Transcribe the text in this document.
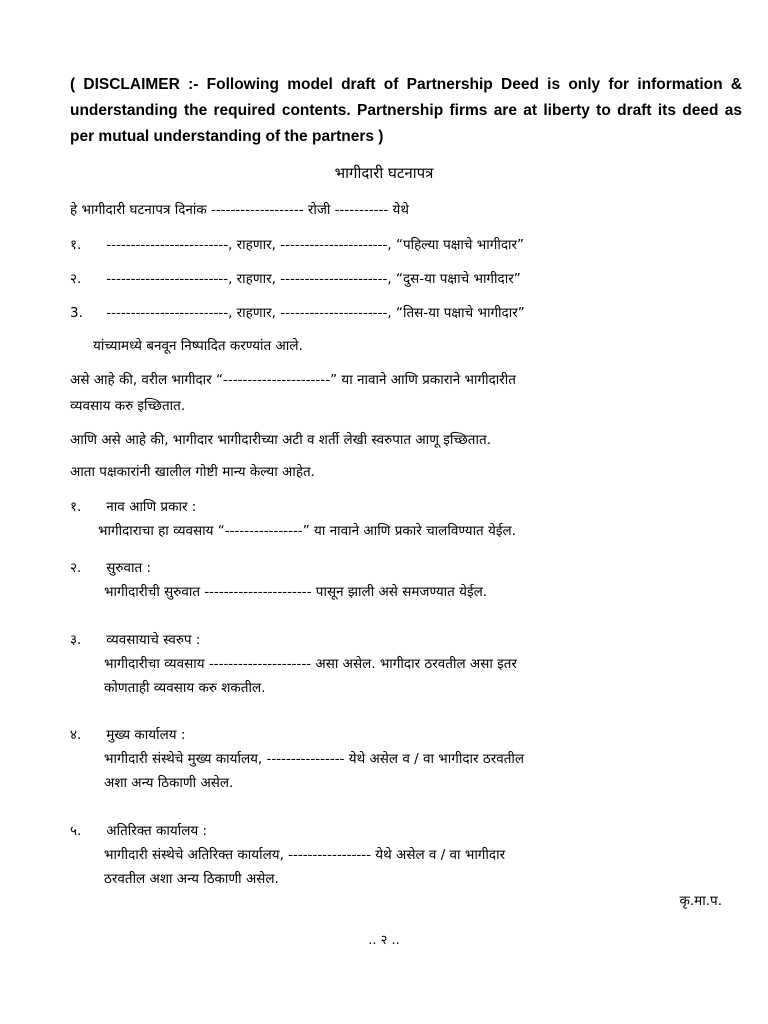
( DISCLAIMER :- Following model draft of Partnership Deed is only for information & understanding the required contents. Partnership firms are at liberty to draft its deed as per mutual understanding of the partners )
भागीदारी घटनापत्र
हे भागीदारी घटनापत्र दिनांक ------------------- रोजी ----------- येथे
१. -------------------------, राहणार, ----------------------, “पहिल्या पक्षाचे भागीदार”
२. -------------------------, राहणार, ----------------------, “दुस-या पक्षाचे भागीदार”
3. -------------------------, राहणार, ----------------------, “तिस-या पक्षाचे भागीदार”
यांच्यामध्ये बनवून निष्पादित करण्यांत आले.
असे आहे की, वरील भागीदार “----------------------” या नावाने आणि प्रकाराने भागीदारीत
व्यवसाय करु इच्छितात.
आणि असे आहे की, भागीदार भागीदारीच्या अटी व शर्ती लेखी स्वरुपात आणू इच्छितात.
आता पक्षकारांनी खालील गोष्टी मान्य केल्या आहेत.
१. नाव आणि प्रकार :
भागीदाराचा हा व्यवसाय “----------------” या नावाने आणि प्रकारे चालविण्यात येईल.
२. सुरुवात :
भागीदारीची सुरुवात ---------------------- पासून झाली असे समजण्यात येईल.
३. व्यवसायाचे स्वरुप :
भागीदारीचा व्यवसाय --------------------- असा असेल. भागीदार ठरवतील असा इतर
कोणताही व्यवसाय करु शकतील.
४. मुख्य कार्यालय :
भागीदारी संस्थेचे मुख्य कार्यालय, ---------------- येथे असेल व / वा भागीदार ठरवतील
अशा अन्य ठिकाणी असेल.
५. अतिरिक्त कार्यालय :
भागीदारी संस्थेचे अतिरिक्त कार्यालय, ----------------- येथे असेल व / वा भागीदार
ठरवतील अशा अन्य ठिकाणी असेल.
कृ.मा.प.
.. २ ..
